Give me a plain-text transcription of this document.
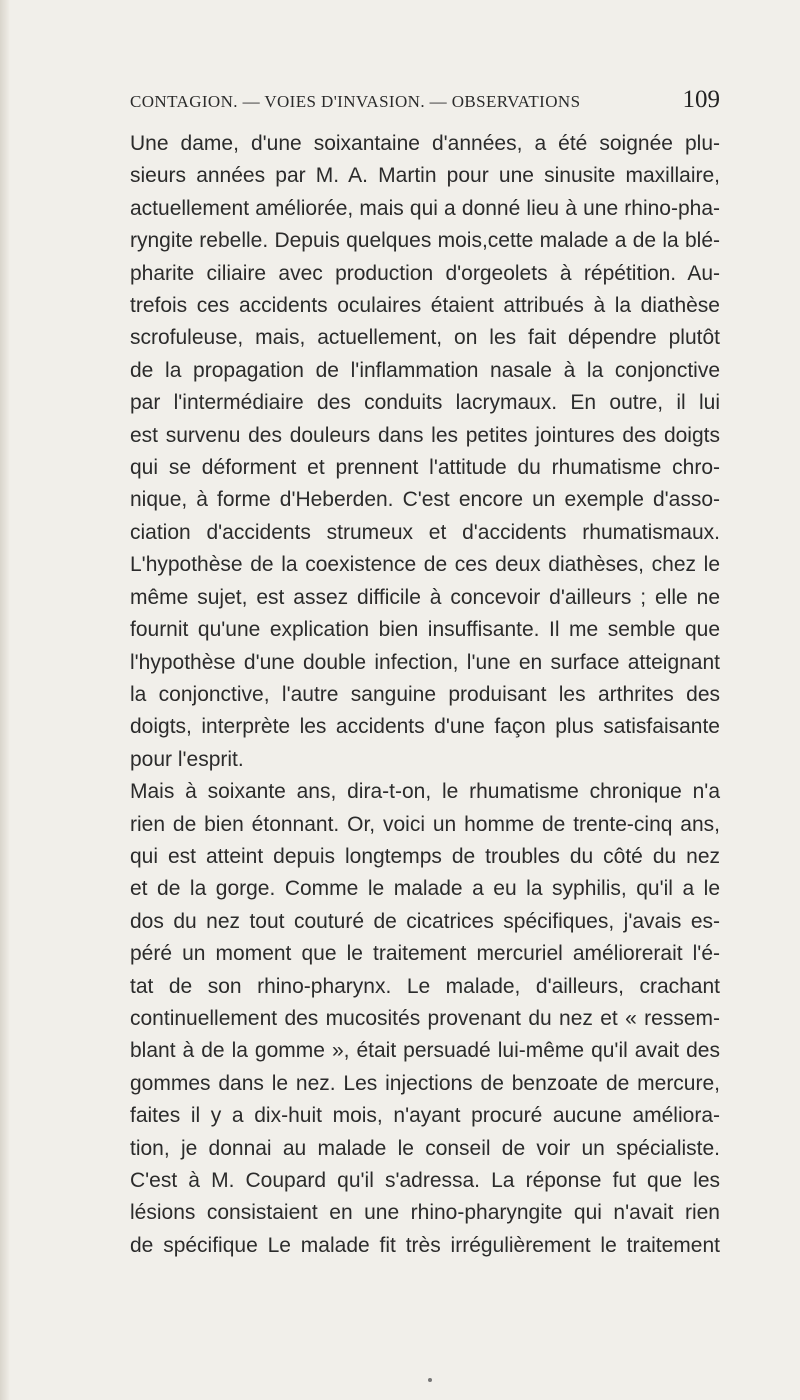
CONTAGION. — VOIES D'INVASION. — OBSERVATIONS	109

Une dame, d'une soixantaine d'années, a été soignée plu-
sieurs années par M. A. Martin pour une sinusite maxillaire,
actuellement améliorée, mais qui a donné lieu à une rhino-pha-
ryngite rebelle. Depuis quelques mois,cette malade a de la blé-
pharite ciliaire avec production d'orgeolets à répétition. Au-
trefois ces accidents oculaires étaient attribués à la diathèse
scrofuleuse, mais, actuellement, on les fait dépendre plutôt
de la propagation de l'inflammation nasale à la conjonctive
par l'intermédiaire des conduits lacrymaux. En outre, il lui
est survenu des douleurs dans les petites jointures des doigts
qui se déforment et prennent l'attitude du rhumatisme chro-
nique, à forme d'Heberden. C'est encore un exemple d'asso-
ciation d'accidents strumeux et d'accidents rhumatismaux.
L'hypothèse de la coexistence de ces deux diathèses, chez le
même sujet, est assez difficile à concevoir d'ailleurs ; elle ne
fournit qu'une explication bien insuffisante. Il me semble que
l'hypothèse d'une double infection, l'une en surface atteignant
la conjonctive, l'autre sanguine produisant les arthrites des
doigts, interprète les accidents d'une façon plus satisfaisante
pour l'esprit.

Mais à soixante ans, dira-t-on, le rhumatisme chronique n'a
rien de bien étonnant. Or, voici un homme de trente-cinq ans,
qui est atteint depuis longtemps de troubles du côté du nez
et de la gorge. Comme le malade a eu la syphilis, qu'il a le
dos du nez tout couturé de cicatrices spécifiques, j'avais es-
péré un moment que le traitement mercuriel améliorerait l'é-
tat de son rhino-pharynx. Le malade, d'ailleurs, crachant
continuellement des mucosités provenant du nez et « ressem-
blant à de la gomme », était persuadé lui-même qu'il avait des
gommes dans le nez. Les injections de benzoate de mercure,
faites il y a dix-huit mois, n'ayant procuré aucune améliora-
tion, je donnai au malade le conseil de voir un spécialiste.
C'est à M. Coupard qu'il s'adressa. La réponse fut que les
lésions consistaient en une rhino-pharyngite qui n'avait rien
de spécifique Le malade fit très irrégulièrement le traitement
